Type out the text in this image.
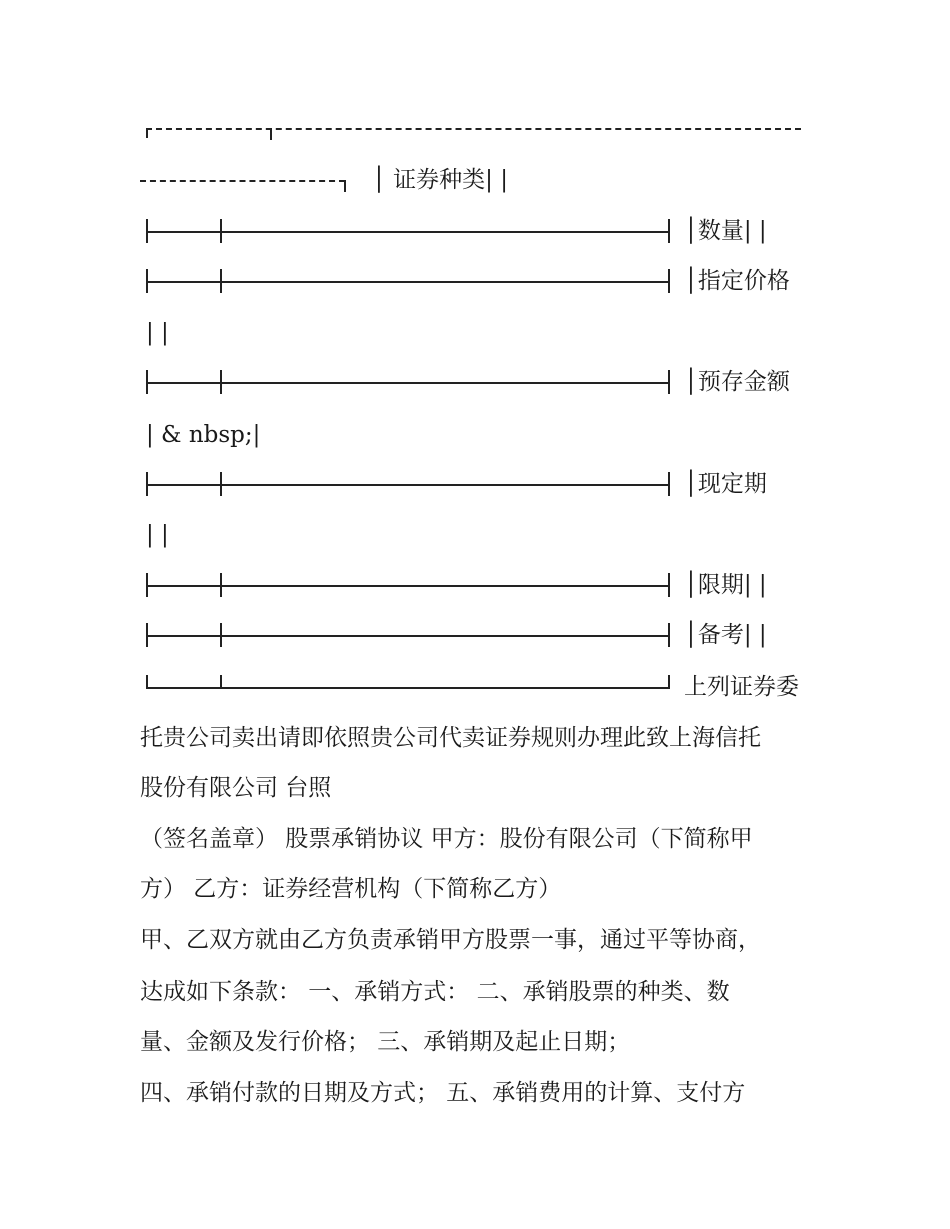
│ 证券种类| |
│数量| |
│指定价格
| |
│预存金额
| & nbsp;|
│现定期
| |
│限期| |
│备考| |
上列证券委
托贵公司卖出请即依照贵公司代卖证券规则办理此致上海信托
股份有限公司 台照
（签名盖章） 股票承销协议 甲方：股份有限公司（下简称甲
方） 乙方：证券经营机构（下简称乙方）
甲、乙双方就由乙方负责承销甲方股票一事，通过平等协商，
达成如下条款： 一、承销方式： 二、承销股票的种类、数
量、金额及发行价格； 三、承销期及起止日期；
四、承销付款的日期及方式； 五、承销费用的计算、支付方
